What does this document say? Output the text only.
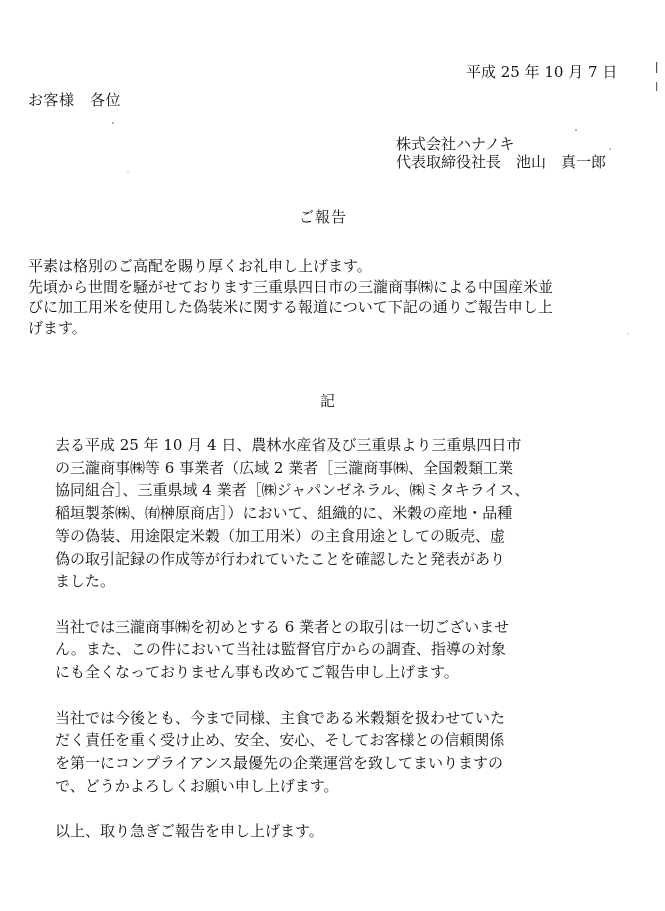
平成 25 年 10 月 7 日
お客様　各位
株式会社ハナノキ
代表取締役社長　池山　真一郎
ご報告

平素は格別のご高配を賜り厚くお礼申し上げます。

先頃から世間を騒がせております三重県四日市の三瀧商事㈱による中国産米並

びに加工用米を使用した偽装米に関する報道について下記の通りご報告申し上

げます。

記
去る平成 25 年 10 月 4 日、農林水産省及び三重県より三重県四日市
の三瀧商事㈱等 6 事業者（広域 2 業者［三瀧商事㈱、全国穀類工業
協同組合］、三重県域 4 業者［㈱ジャパンゼネラル、㈱ミタキライス、
稲垣製茶㈱、㈲榊原商店］）において、組織的に、米穀の産地・品種
等の偽装、用途限定米穀（加工用米）の主食用途としての販売、虚
偽の取引記録の作成等が行われていたことを確認したと発表があり
ました。
当社では三瀧商事㈱を初めとする 6 業者との取引は一切ございませ
ん。また、この件において当社は監督官庁からの調査、指導の対象
にも全くなっておりません事も改めてご報告申し上げます。
当社では今後とも、今まで同様、主食である米穀類を扱わせていた
だく責任を重く受け止め、安全、安心、そしてお客様との信頼関係
を第一にコンプライアンス最優先の企業運営を致してまいりますの
で、どうかよろしくお願い申し上げます。
以上、取り急ぎご報告を申し上げます。
